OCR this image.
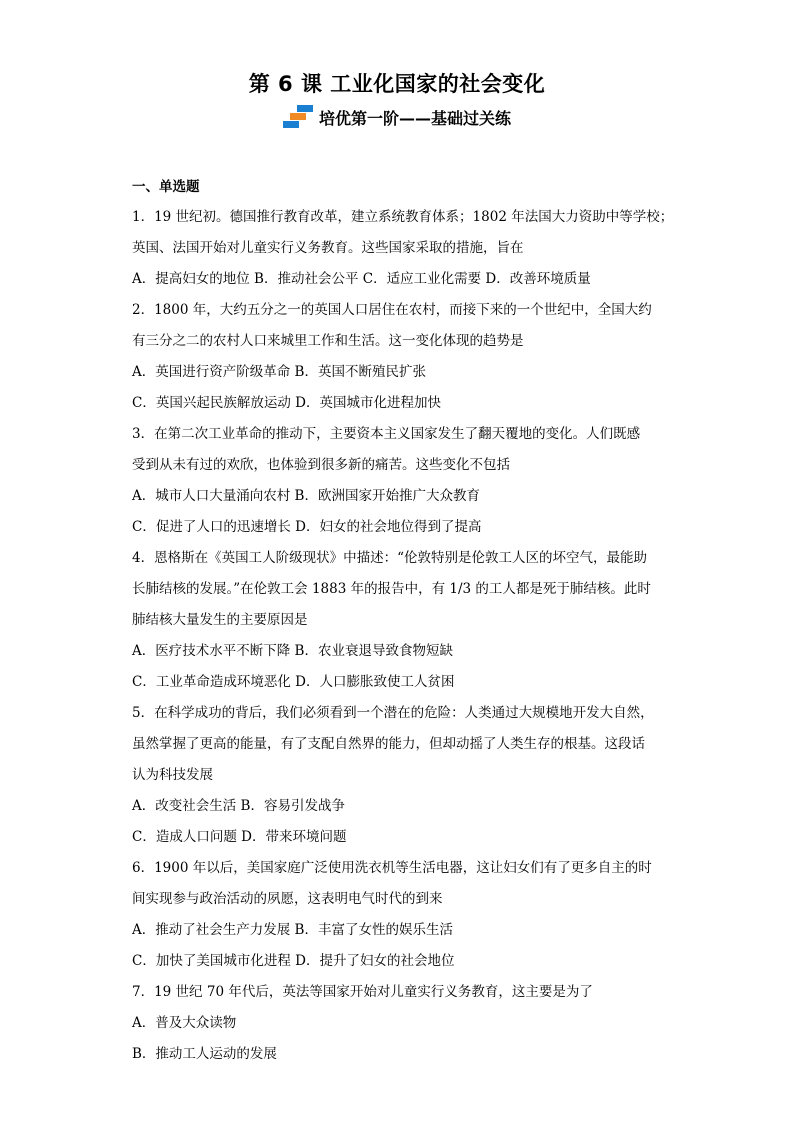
第 6 课 工业化国家的社会变化
培优第一阶——基础过关练
一、单选题
1．19 世纪初。德国推行教育改革，建立系统教育体系；1802 年法国大力资助中等学校；
英国、法国开始对儿童实行义务教育。这些国家采取的措施，旨在
A．提高妇女的地位 B．推动社会公平 C．适应工业化需要 D．改善环境质量
2．1800 年，大约五分之一的英国人口居住在农村，而接下来的一个世纪中，全国大约
有三分之二的农村人口来城里工作和生活。这一变化体现的趋势是
A．英国进行资产阶级革命 B．英国不断殖民扩张
C．英国兴起民族解放运动 D．英国城市化进程加快
3．在第二次工业革命的推动下，主要资本主义国家发生了翻天覆地的变化。人们既感
受到从未有过的欢欣，也体验到很多新的痛苦。这些变化不包括
A．城市人口大量涌向农村 B．欧洲国家开始推广大众教育
C．促进了人口的迅速增长 D．妇女的社会地位得到了提高
4．恩格斯在《英国工人阶级现状》中描述：“伦敦特别是伦敦工人区的坏空气，最能助
长肺结核的发展。”在伦敦工会 1883 年的报告中，有 1/3 的工人都是死于肺结核。此时
肺结核大量发生的主要原因是
A．医疗技术水平不断下降 B．农业衰退导致食物短缺
C．工业革命造成环境恶化 D．人口膨胀致使工人贫困
5．在科学成功的背后，我们必须看到一个潜在的危险：人类通过大规模地开发大自然，
虽然掌握了更高的能量，有了支配自然界的能力，但却动摇了人类生存的根基。这段话
认为科技发展
A．改变社会生活 B．容易引发战争
C．造成人口问题 D．带来环境问题
6．1900 年以后，美国家庭广泛使用洗衣机等生活电器，这让妇女们有了更多自主的时
间实现参与政治活动的夙愿，这表明电气时代的到来
A．推动了社会生产力发展 B．丰富了女性的娱乐生活
C．加快了美国城市化进程 D．提升了妇女的社会地位
7．19 世纪 70 年代后，英法等国家开始对儿童实行义务教育，这主要是为了
A．普及大众读物
B．推动工人运动的发展
